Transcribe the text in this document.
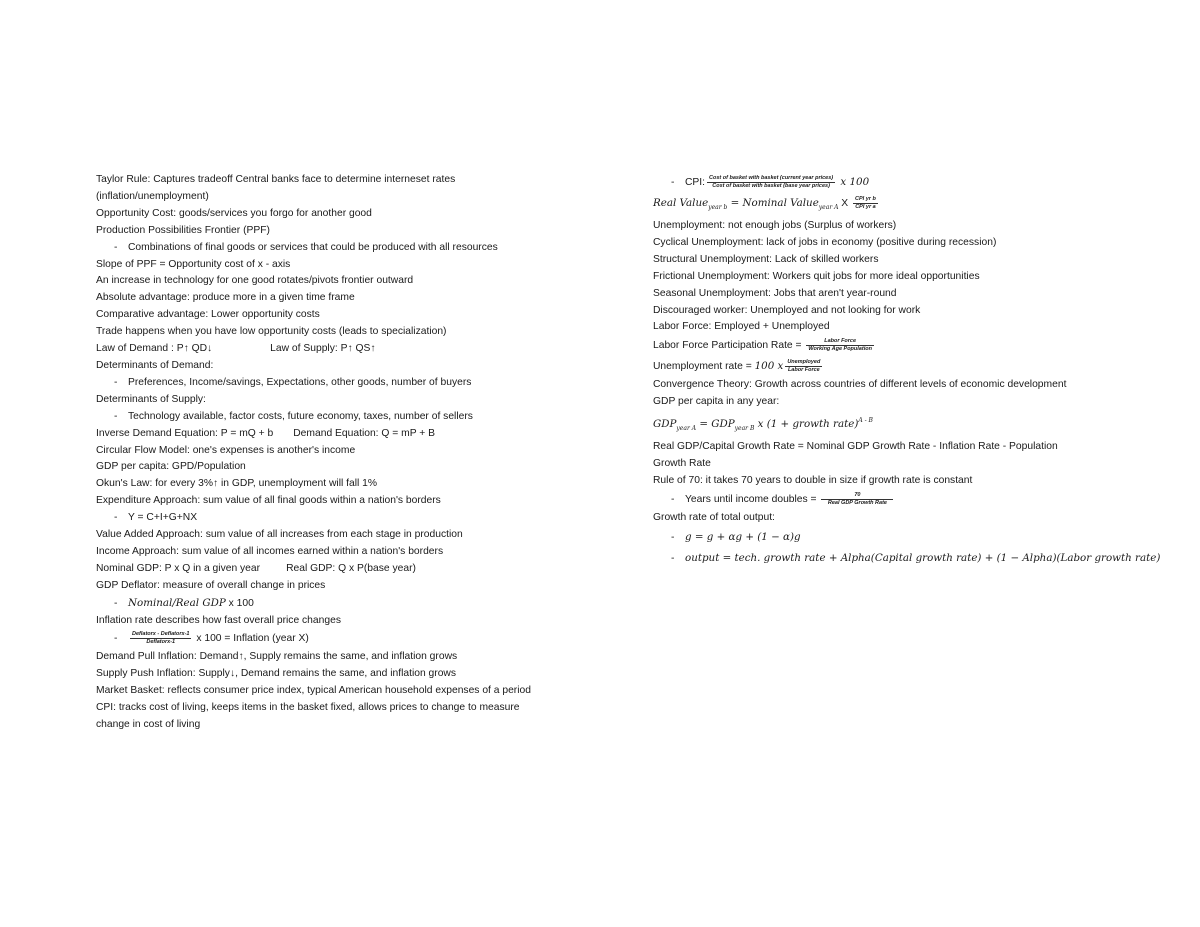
Taylor Rule: Captures tradeoff Central banks face to determine interneset rates
(inflation/unemployment)
Opportunity Cost: goods/services you forgo for another good
Production Possibilities Frontier (PPF)
- Combinations of final goods or services that could be produced with all resources
Slope of PPF = Opportunity cost of x - axis
An increase in technology for one good rotates/pivots frontier outward
Absolute advantage: produce more in a given time frame
Comparative advantage: Lower opportunity costs
Trade happens when you have low opportunity costs (leads to specialization)
Law of Demand : P↑ QD↓	Law of Supply: P↑ QS↑
Determinants of Demand:
- Preferences, Income/savings, Expectations, other goods, number of buyers
Determinants of Supply:
- Technology available, factor costs, future economy, taxes, number of sellers
Inverse Demand Equation: P = mQ + b Demand Equation: Q = mP + B
Circular Flow Model: one's expenses is another's income
GDP per capita: GPD/Population
Okun's Law: for every 3%↑ in GDP, unemployment will fall 1%
Expenditure Approach: sum value of all final goods within a nation's borders
- Y = C+I+G+NX
Value Added Approach: sum value of all increases from each stage in production
Income Approach: sum value of all incomes earned within a nation's borders
Nominal GDP: P x Q in a given year	Real GDP: Q x P(base year)
GDP Deflator: measure of overall change in prices
- Nominal/Real GDP x 100
Inflation rate describes how fast overall price changes
- $\frac{\text{Deflatorx - Deflatorx-1}}{\text{Deflatorx-1}}$ x 100 = Inflation (year X)
Demand Pull Inflation: Demand↑, Supply remains the same, and inflation grows
Supply Push Inflation: Supply↓, Demand remains the same, and inflation grows
Market Basket: reflects consumer price index, typical American household expenses of a period
CPI: tracks cost of living, keeps items in the basket fixed, allows prices to change to measure
change in cost of living
- CPI: $\frac{\text{Cost of basket with basket (current year prices)}}{\text{Cost of basket with basket (base year prices)}}$ x 100
Real Value$_{year b}$ = Nominal Value$_{year A}$ X $\frac{\text{CPI yr b}}{\text{CPI yr a}}$
Unemployment: not enough jobs (Surplus of workers)
Cyclical Unemployment: lack of jobs in economy (positive during recession)
Structural Unemployment: Lack of skilled workers
Frictional Unemployment: Workers quit jobs for more ideal opportunities
Seasonal Unemployment: Jobs that aren't year-round
Discouraged worker: Unemployed and not looking for work
Labor Force: Employed + Unemployed
Labor Force Participation Rate = $\frac{\text{Labor Force}}{\text{Working Age Population}}$
Unemployment rate = 100 x $\frac{\text{Unemployed}}{\text{Labor Force}}$
Convergence Theory: Growth across countries of different levels of economic development
GDP per capita in any year:
$GDP_{year A} = GDP_{year B}$ x (1 + growth rate)$^{A - B}$
Real GDP/Capital Growth Rate = Nominal GDP Growth Rate - Inflation Rate - Population
Growth Rate
Rule of 70: it takes 70 years to double in size if growth rate is constant
- Years until income doubles = $\frac{70}{\text{Real GDP Growth Rate}}$
Growth rate of total output:
- g = g + αg + (1 − α)g
- output = tech. growth rate + Alpha(Capital growth rate) + (1 − Alpha)(Labor growth rate)
